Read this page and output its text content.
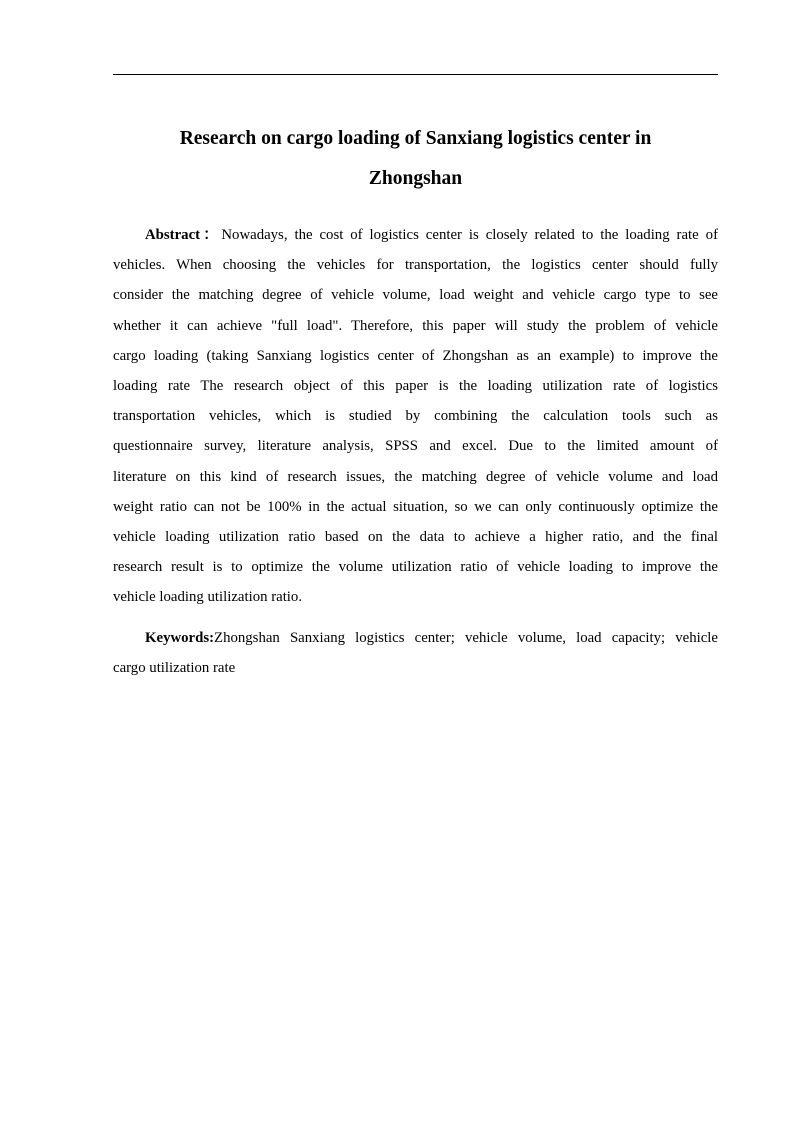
Research on cargo loading of Sanxiang logistics center in
Zhongshan
Abstract：Nowadays, the cost of logistics center is closely related to the loading rate of
vehicles. When choosing the vehicles for transportation, the logistics center should fully
consider the matching degree of vehicle volume, load weight and vehicle cargo type to see
whether it can achieve "full load". Therefore, this paper will study the problem of vehicle
cargo loading (taking Sanxiang logistics center of Zhongshan as an example) to improve the
loading rate The research object of this paper is the loading utilization rate of logistics
transportation vehicles, which is studied by combining the calculation tools such as
questionnaire survey, literature analysis, SPSS and excel. Due to the limited amount of
literature on this kind of research issues, the matching degree of vehicle volume and load
weight ratio can not be 100% in the actual situation, so we can only continuously optimize the
vehicle loading utilization ratio based on the data to achieve a higher ratio, and the final
research result is to optimize the volume utilization ratio of vehicle loading to improve the
vehicle loading utilization ratio.
Keywords:Zhongshan Sanxiang logistics center; vehicle volume, load capacity; vehicle
cargo utilization rate
